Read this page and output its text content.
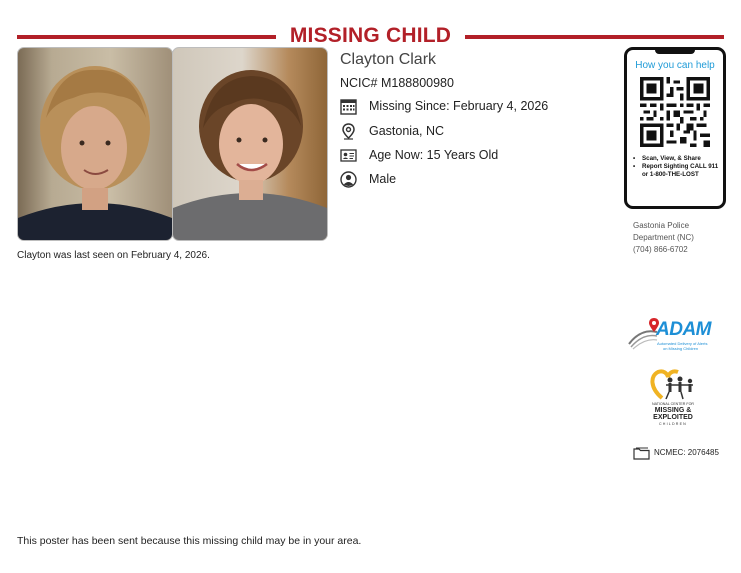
MISSING CHILD
Clayton Clark
NCIC# M188800980
Missing Since: February 4, 2026
Gastonia, NC
Age Now: 15 Years Old
Male
Clayton was last seen on February 4, 2026.
How you can help
• Scan, View, & Share
• Report Sighting CALL 911 or 1-800-THE-LOST
Gastonia Police
Department (NC)
(704) 866-6702
ADAM
Automated Delivery of Alerts
on Missing Children
NATIONAL CENTER FOR
MISSING &
EXPLOITED
CHILDREN
NCMEC: 2076485
This poster has been sent because this missing child may be in your area.
